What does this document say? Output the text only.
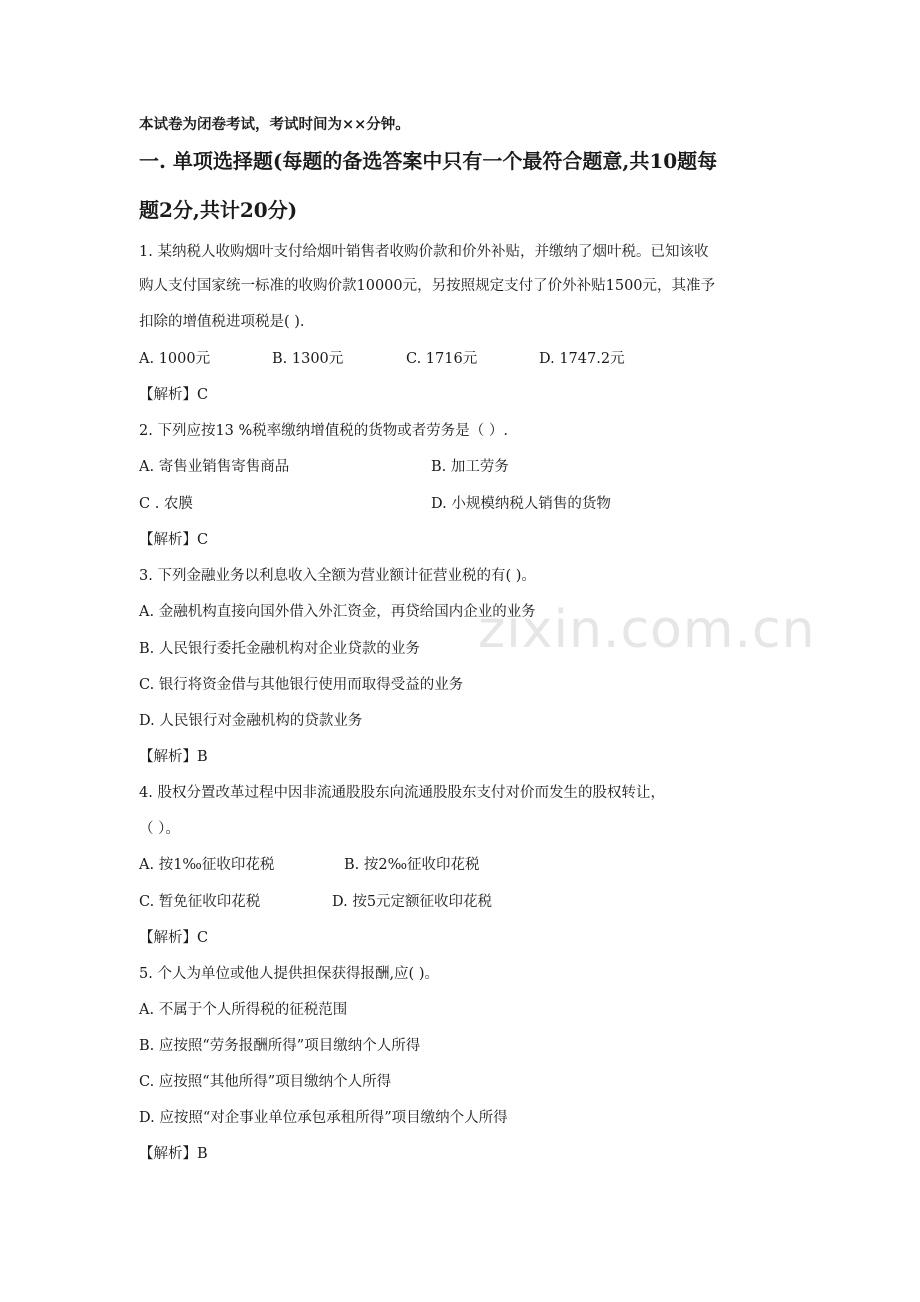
zixin.com.cn
本试卷为闭卷考试，考试时间为××分钟。
一. 单项选择题(每题的备选答案中只有一个最符合题意,共10题每
题2分,共计20分)
1. 某纳税人收购烟叶支付给烟叶销售者收购价款和价外补贴，并缴纳了烟叶税。已知该收
购人支付国家统一标准的收购价款10000元，另按照规定支付了价外补贴1500元，其准予
扣除的增值税进项税是( ).
A. 1000元	B. 1300元	C. 1716元	D. 1747.2元
【解析】C
2. 下列应按13 %税率缴纳增值税的货物或者劳务是（ ）.
A. 寄售业销售寄售商品	B. 加工劳务
C . 农膜	D. 小规模纳税人销售的货物
【解析】C
3. 下列金融业务以利息收入全额为营业额计征营业税的有( )。
A. 金融机构直接向国外借入外汇资金，再贷给国内企业的业务
B. 人民银行委托金融机构对企业贷款的业务
C. 银行将资金借与其他银行使用而取得受益的业务
D. 人民银行对金融机构的贷款业务
【解析】B
4. 股权分置改革过程中因非流通股股东向流通股股东支付对价而发生的股权转让，
（ ）。
A. 按1‰征收印花税	B. 按2‰征收印花税
C. 暂免征收印花税	D. 按5元定额征收印花税
【解析】C
5. 个人为单位或他人提供担保获得报酬,应( )。
A. 不属于个人所得税的征税范围
B. 应按照“劳务报酬所得”项目缴纳个人所得
C. 应按照“其他所得”项目缴纳个人所得
D. 应按照“对企事业单位承包承租所得”项目缴纳个人所得
【解析】B
